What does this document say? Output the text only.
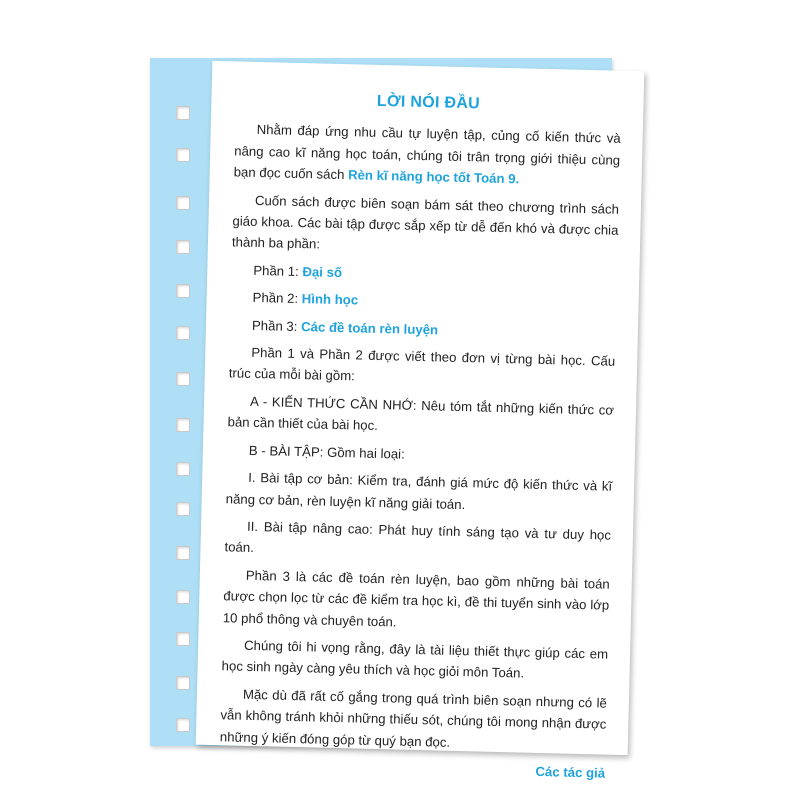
LỜI NÓI ĐẦU

Nhằm đáp ứng nhu cầu tự luyện tập, củng cố kiến thức và nâng cao kĩ năng học toán, chúng tôi trân trọng giới thiệu cùng bạn đọc cuốn sách Rèn kĩ năng học tốt Toán 9.

Cuốn sách được biên soạn bám sát theo chương trình sách giáo khoa. Các bài tập được sắp xếp từ dễ đến khó và được chia thành ba phần:

Phần 1: Đại số

Phần 2: Hình học

Phần 3: Các đề toán rèn luyện

Phần 1 và Phần 2 được viết theo đơn vị từng bài học. Cấu trúc của mỗi bài gồm:

A - KIẾN THỨC CẦN NHỚ: Nêu tóm tắt những kiến thức cơ bản cần thiết của bài học.

B - BÀI TẬP: Gồm hai loại:

I. Bài tập cơ bản: Kiểm tra, đánh giá mức độ kiến thức và kĩ năng cơ bản, rèn luyện kĩ năng giải toán.

II. Bài tập nâng cao: Phát huy tính sáng tạo và tư duy học toán.

Phần 3 là các đề toán rèn luyện, bao gồm những bài toán được chọn lọc từ các đề kiểm tra học kì, đề thi tuyển sinh vào lớp 10 phổ thông và chuyên toán.

Chúng tôi hi vọng rằng, đây là tài liệu thiết thực giúp các em học sinh ngày càng yêu thích và học giỏi môn Toán.

Mặc dù đã rất cố gắng trong quá trình biên soạn nhưng có lẽ vẫn không tránh khỏi những thiếu sót, chúng tôi mong nhận được những ý kiến đóng góp từ quý bạn đọc.

Các tác giả
